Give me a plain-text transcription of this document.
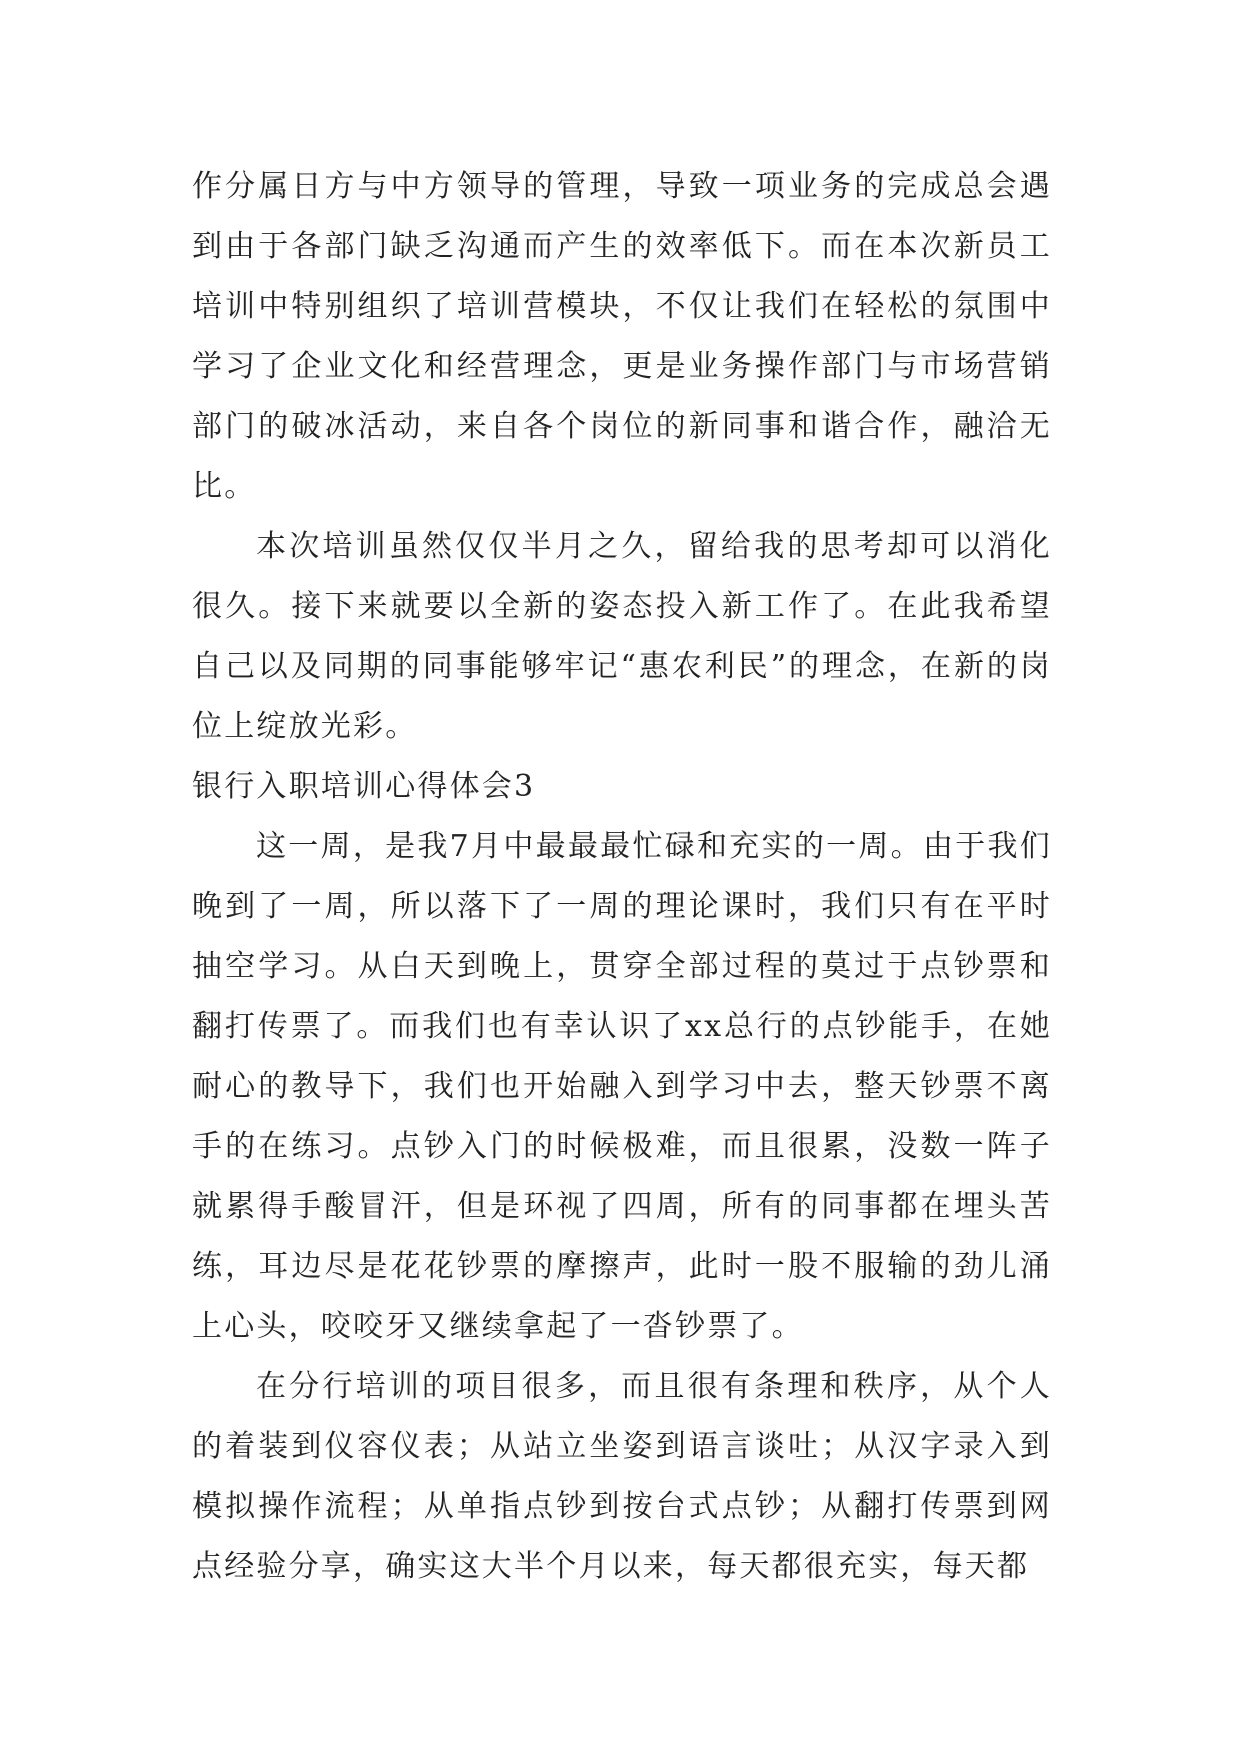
作分属日方与中方领导的管理，导致一项业务的完成总会遇到由于各部门缺乏沟通而产生的效率低下。而在本次新员工培训中特别组织了培训营模块，不仅让我们在轻松的氛围中学习了企业文化和经营理念，更是业务操作部门与市场营销部门的破冰活动，来自各个岗位的新同事和谐合作，融洽无比。

本次培训虽然仅仅半月之久，留给我的思考却可以消化很久。接下来就要以全新的姿态投入新工作了。在此我希望自己以及同期的同事能够牢记“惠农利民”的理念，在新的岗位上绽放光彩。

银行入职培训心得体会3

这一周，是我7月中最最最忙碌和充实的一周。由于我们晚到了一周，所以落下了一周的理论课时，我们只有在平时抽空学习。从白天到晚上，贯穿全部过程的莫过于点钞票和翻打传票了。而我们也有幸认识了xx总行的点钞能手，在她耐心的教导下，我们也开始融入到学习中去，整天钞票不离手的在练习。点钞入门的时候极难，而且很累，没数一阵子就累得手酸冒汗，但是环视了四周，所有的同事都在埋头苦练，耳边尽是花花钞票的摩擦声，此时一股不服输的劲儿涌上心头，咬咬牙又继续拿起了一沓钞票了。

在分行培训的项目很多，而且很有条理和秩序，从个人的着装到仪容仪表；从站立坐姿到语言谈吐；从汉字录入到模拟操作流程；从单指点钞到按台式点钞；从翻打传票到网点经验分享，确实这大半个月以来，每天都很充实，每天都
